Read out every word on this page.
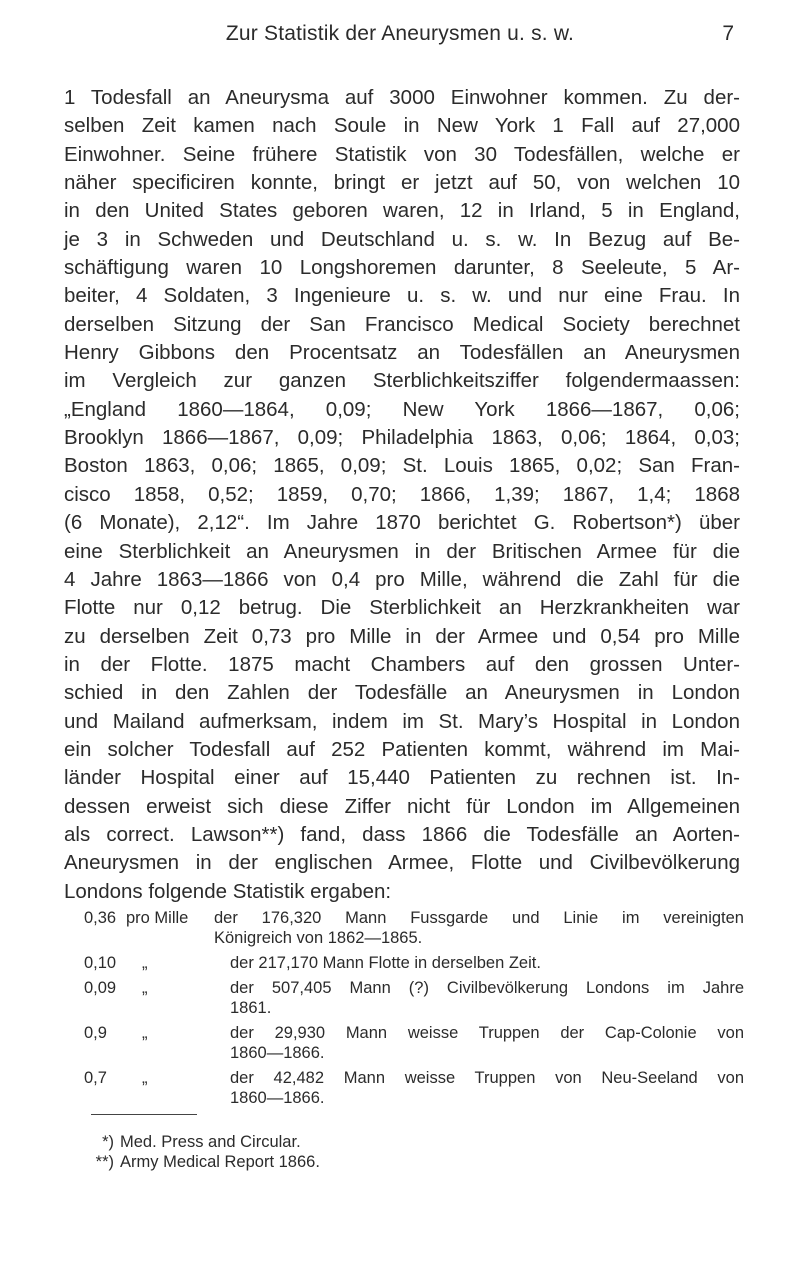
Zur Statistik der Aneurysmen u. s. w.	7
1 Todesfall an Aneurysma auf 3000 Einwohner kommen. Zu der-
selben Zeit kamen nach Soule in New York 1 Fall auf 27,000
Einwohner. Seine frühere Statistik von 30 Todesfällen, welche er
näher specificiren konnte, bringt er jetzt auf 50, von welchen 10
in den United States geboren waren, 12 in Irland, 5 in England,
je 3 in Schweden und Deutschland u. s. w. In Bezug auf Be-
schäftigung waren 10 Longshoremen darunter, 8 Seeleute, 5 Ar-
beiter, 4 Soldaten, 3 Ingenieure u. s. w. und nur eine Frau. In
derselben Sitzung der San Francisco Medical Society berechnet
Henry Gibbons den Procentsatz an Todesfällen an Aneurysmen
im Vergleich zur ganzen Sterblichkeitsziffer folgendermaassen:
„England 1860—1864, 0,09; New York 1866—1867, 0,06;
Brooklyn 1866—1867, 0,09; Philadelphia 1863, 0,06; 1864, 0,03;
Boston 1863, 0,06; 1865, 0,09; St. Louis 1865, 0,02; San Fran-
cisco 1858, 0,52; 1859, 0,70; 1866, 1,39; 1867, 1,4; 1868
(6 Monate), 2,12“. Im Jahre 1870 berichtet G. Robertson*) über
eine Sterblichkeit an Aneurysmen in der Britischen Armee für die
4 Jahre 1863—1866 von 0,4 pro Mille, während die Zahl für die
Flotte nur 0,12 betrug. Die Sterblichkeit an Herzkrankheiten war
zu derselben Zeit 0,73 pro Mille in der Armee und 0,54 pro Mille
in der Flotte. 1875 macht Chambers auf den grossen Unter-
schied in den Zahlen der Todesfälle an Aneurysmen in London
und Mailand aufmerksam, indem im St. Mary’s Hospital in London
ein solcher Todesfall auf 252 Patienten kommt, während im Mai-
länder Hospital einer auf 15,440 Patienten zu rechnen ist. In-
dessen erweist sich diese Ziffer nicht für London im Allgemeinen
als correct. Lawson**) fand, dass 1866 die Todesfälle an Aorten-
Aneurysmen in der englischen Armee, Flotte und Civilbevölkerung
Londons folgende Statistik ergaben:
0,36 pro Mille	der 176,320 Mann Fussgarde und Linie im vereinigten
Königreich von 1862—1865.
0,10	„	der 217,170 Mann Flotte in derselben Zeit.
0,09	„	der 507,405 Mann (?) Civilbevölkerung Londons im Jahre
1861.
0,9	„	der 29,930 Mann weisse Truppen der Cap-Colonie von
1860—1866.
0,7	„	der 42,482 Mann weisse Truppen von Neu-Seeland von
1860—1866.
*) Med. Press and Circular.
**) Army Medical Report 1866.
